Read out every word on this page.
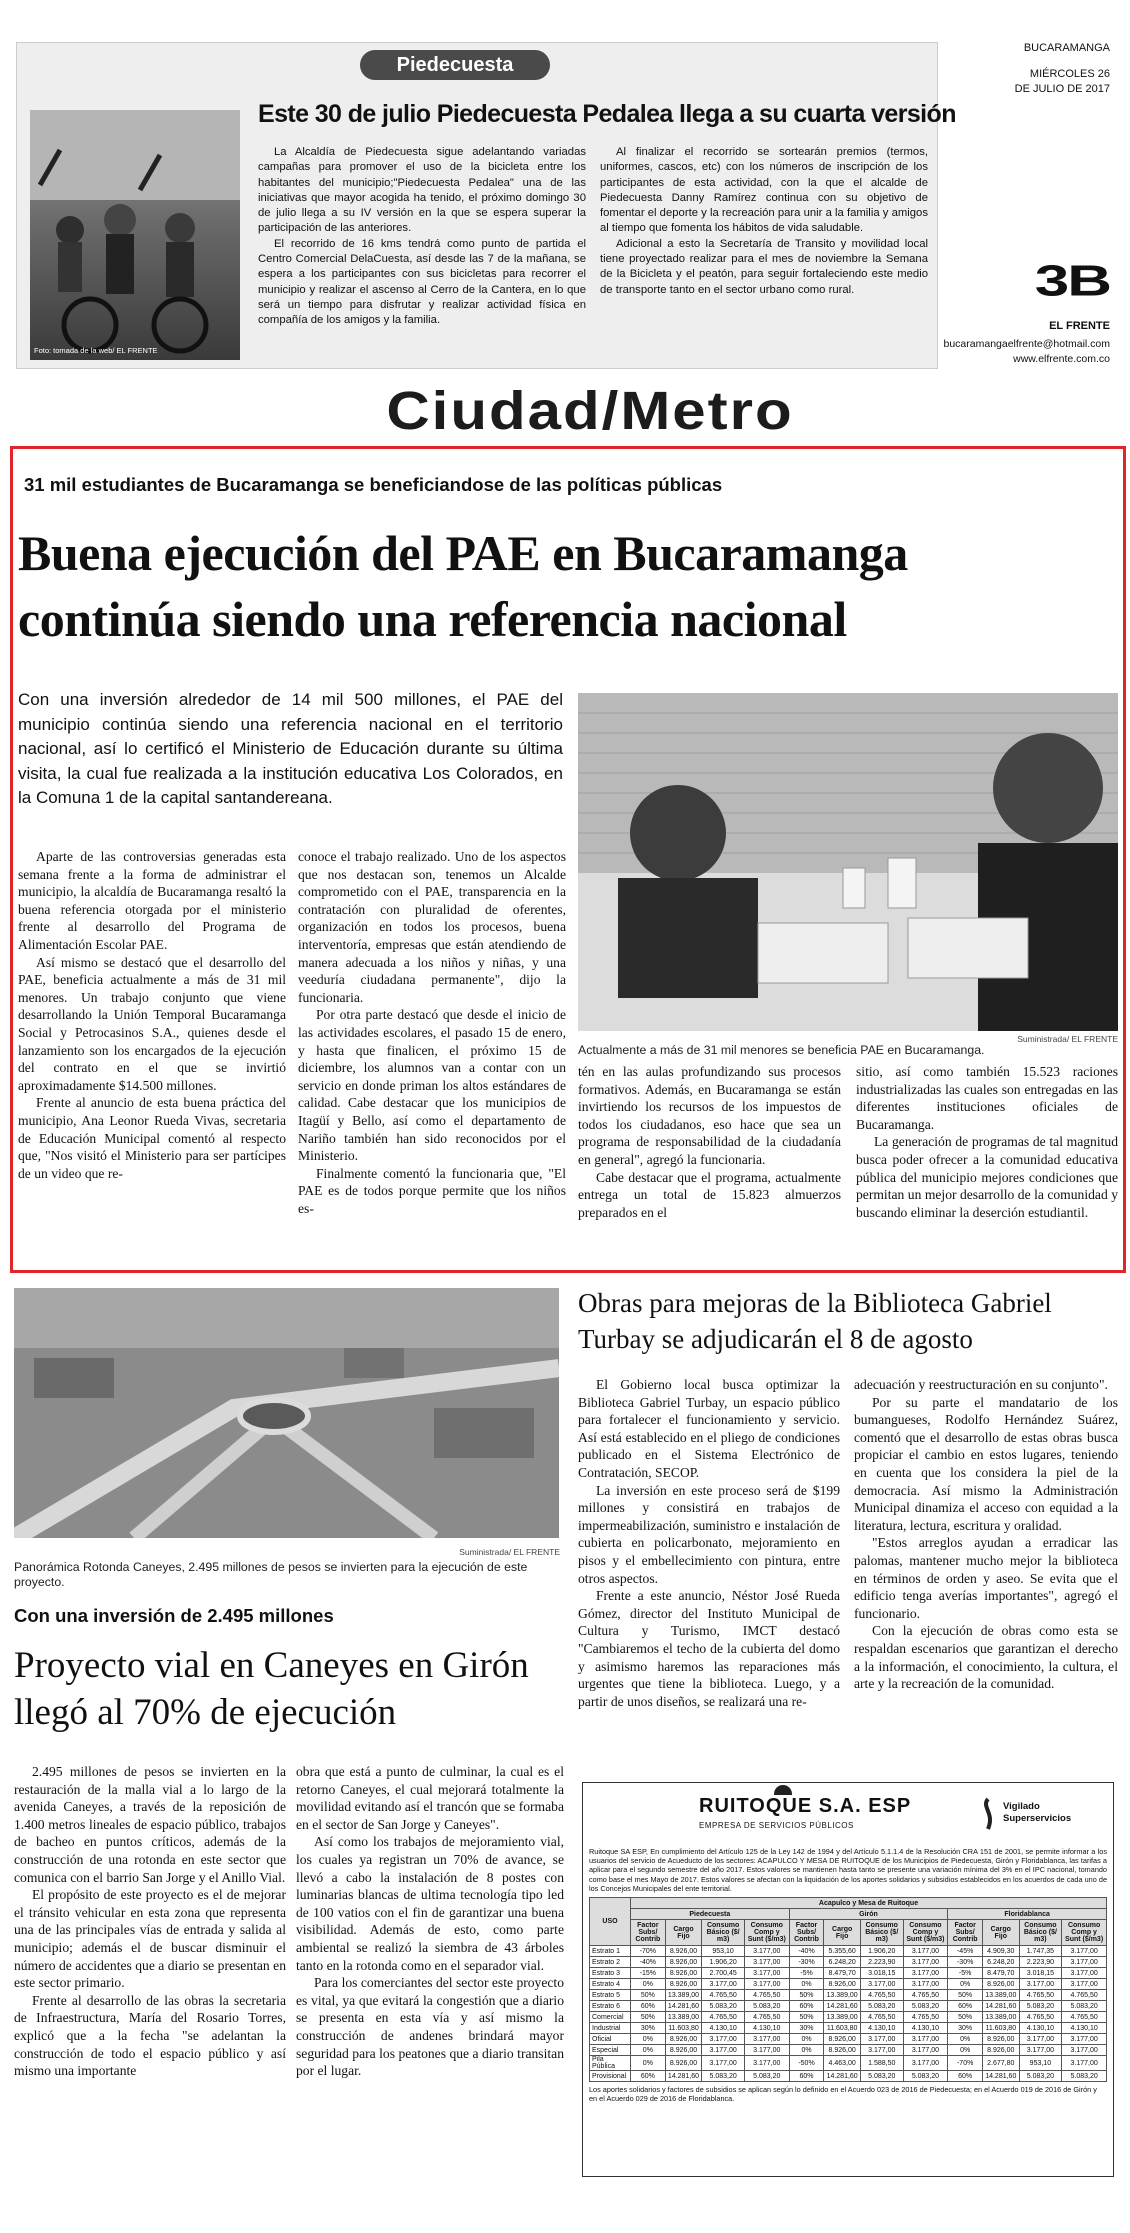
Piedecuesta
Foto: tomada de la web/ EL FRENTE
Este 30 de julio Piedecuesta Pedalea llega a su cuarta versión

La Alcaldía de Piedecuesta sigue adelantando variadas campañas para promover el uso de la bicicleta entre los habitantes del municipio;"Piedecuesta Pedalea" una de las iniciativas que mayor acogida ha tenido, el próximo domingo 30 de julio llega a su IV versión en la que se espera superar la participación de las anteriores.

El recorrido de 16 kms tendrá como punto de partida el Centro Comercial DelaCuesta, así desde las 7 de la mañana, se espera a los participantes con sus bicicletas para recorrer el municipio y realizar el ascenso al Cerro de la Cantera, en lo que será un tiempo para disfrutar y realizar actividad física en compañía de los amigos y la familia.

Al finalizar el recorrido se sortearán premios (termos, uniformes, cascos, etc) con los números de inscripción de los participantes de esta actividad, con la que el alcalde de Piedecuesta Danny Ramírez continua con su objetivo de fomentar el deporte y la recreación para unir a la familia y amigos al tiempo que fomenta los hábitos de vida saludable.

Adicional a esto la Secretaría de Transito y movilidad local tiene proyectado realizar para el mes de noviembre la Semana de la Bicicleta y el peatón, para seguir fortaleciendo este medio de transporte tanto en el sector urbano como rural.

BUCARAMANGA
MIÉRCOLES 26
DE JULIO DE 2017
3B
EL FRENTE
bucaramangaelfrente@hotmail.com
www.elfrente.com.co
Ciudad/Metro
31 mil estudiantes de Bucaramanga se beneficiandose de las políticas públicas
Buena ejecución del PAE en Bucaramanga
continúa siendo una referencia nacional
Con una inversión alrededor de 14 mil 500 millones, el PAE del municipio continúa siendo una referencia nacional en el territorio nacional, así lo certificó el Ministerio de Educación durante su última visita, la cual fue realizada a la institución educativa Los Colorados, en la Comuna 1 de la capital santandereana.
Suministrada/ EL FRENTE
Actualmente a más de 31 mil menores se beneficia PAE en Bucaramanga.

Aparte de las controversias generadas esta semana frente a la forma de administrar el municipio, la alcaldía de Bucaramanga resaltó la buena referencia otorgada por el ministerio frente al desarrollo del Programa de Alimentación Escolar PAE.

Así mismo se destacó que el desarrollo del PAE, beneficia actualmente a más de 31 mil menores. Un trabajo conjunto que viene desarrollando la Unión Temporal Bucaramanga Social y Petrocasinos S.A., quienes desde el lanzamiento son los encargados de la ejecución del contrato en el que se invirtió aproximadamente $14.500 millones.

Frente al anuncio de esta buena práctica del municipio, Ana Leonor Rueda Vivas, secretaria de Educación Municipal comentó al respecto que, "Nos visitó el Ministerio para ser partícipes de un video que re-

conoce el trabajo realizado. Uno de los aspectos que nos destacan son, tenemos un Alcalde comprometido con el PAE, transparencia en la contratación con pluralidad de oferentes, organización en todos los procesos, buena interventoría, empresas que están atendiendo de manera adecuada a los niños y niñas, y una veeduría ciudadana permanente", dijo la funcionaria.

Por otra parte destacó que desde el inicio de las actividades escolares, el pasado 15 de enero, y hasta que finalicen, el próximo 15 de diciembre, los alumnos van a contar con un servicio en donde priman los altos estándares de calidad. Cabe destacar que los municipios de Itagüí y Bello, así como el departamento de Nariño también han sido reconocidos por el Ministerio.

Finalmente comentó la funcionaria que, "El PAE es de todos porque permite que los niños es-

tén en las aulas profundizando sus procesos formativos. Además, en Bucaramanga se están invirtiendo los recursos de los impuestos de todos los ciudadanos, eso hace que sea un programa de responsabilidad de la ciudadanía en general", agregó la funcionaria.

Cabe destacar que el programa, actualmente entrega un total de 15.823 almuerzos preparados en el

sitio, así como también 15.523 raciones industrializadas las cuales son entregadas en las diferentes instituciones oficiales de Bucaramanga.

La generación de programas de tal magnitud busca poder ofrecer a la comunidad educativa pública del municipio mejores condiciones que permitan un mejor desarrollo de la comunidad y buscando eliminar la deserción estudiantil.

Suministrada/ EL FRENTE
Panorámica Rotonda Caneyes, 2.495 millones de pesos se invierten para la ejecución de este proyecto.
Con una inversión de 2.495 millones
Proyecto vial en Caneyes en Girón llegó al 70% de ejecución

2.495 millones de pesos se invierten en la restauración de la malla vial a lo largo de la avenida Caneyes, a través de la reposición de 1.400 metros lineales de espacio público, trabajos de bacheo en puntos críticos, además de la construcción de una rotonda en este sector que comunica con el barrio San Jorge y el Anillo Vial.

El propósito de este proyecto es el de mejorar el tránsito vehicular en esta zona que representa una de las principales vías de entrada y salida al municipio; además el de buscar disminuir el número de accidentes que a diario se presentan en este sector primario.

Frente al desarrollo de las obras la secretaria de Infraestructura, María del Rosario Torres, explicó que a la fecha "se adelantan la construcción de todo el espacio público y así mismo una importante

obra que está a punto de culminar, la cual es el retorno Caneyes, el cual mejorará totalmente la movilidad evitando así el trancón que se formaba en el sector de San Jorge y Caneyes".

Así como los trabajos de mejoramiento vial, los cuales ya registran un 70% de avance, se llevó a cabo la instalación de 8 postes con luminarias blancas de ultima tecnología tipo led de 100 vatios con el fin de garantizar una buena visibilidad. Además de esto, como parte ambiental se realizó la siembra de 43 árboles tanto en la rotonda como en el separador vial.

Para los comerciantes del sector este proyecto es vital, ya que evitará la congestión que a diario se presenta en esta vía y así mismo la construcción de andenes brindará mayor seguridad para los peatones que a diario transitan por el lugar.

Obras para mejoras de la Biblioteca Gabriel Turbay se adjudicarán el 8 de agosto

El Gobierno local busca optimizar la Biblioteca Gabriel Turbay, un espacio público para fortalecer el funcionamiento y servicio. Así está establecido en el pliego de condiciones publicado en el Sistema Electrónico de Contratación, SECOP.

La inversión en este proceso será de $199 millones y consistirá en trabajos de impermeabilización, suministro e instalación de cubierta en policarbonato, mejoramiento en pisos y el embellecimiento con pintura, entre otros aspectos.

Frente a este anuncio, Néstor José Rueda Gómez, director del Instituto Municipal de Cultura y Turismo, IMCT destacó "Cambiaremos el techo de la cubierta del domo y asimismo haremos las reparaciones más urgentes que tiene la biblioteca. Luego, y a partir de unos diseños, se realizará una re-

adecuación y reestructuración en su conjunto".

Por su parte el mandatario de los bumangueses, Rodolfo Hernández Suárez, comentó que el desarrollo de estas obras busca propiciar el cambio en estos lugares, teniendo en cuenta que los considera la piel de la democracia. Así mismo la Administración Municipal dinamiza el acceso con equidad a la literatura, lectura, escritura y oralidad.

"Estos arreglos ayudan a erradicar las palomas, mantener mucho mejor la biblioteca en términos de orden y aseo. Se evita que el edificio tenga averías importantes", agregó el funcionario.

Con la ejecución de obras como esta se respaldan escenarios que garantizan el derecho a la información, el conocimiento, la cultura, el arte y la recreación de la comunidad.

RUITOQUE S.A. ESP
EMPRESA DE SERVICIOS PÚBLICOS
Vigilado
Superservicios
Ruitoque SA ESP, En cumplimiento del Artículo 125 de la Ley 142 de 1994 y del Artículo 5.1.1.4 de la Resolución CRA 151 de 2001, se permite informar a los usuarios del servicio de Acueducto de los sectores: ACAPULCO Y MESA DE RUITOQUE de los Municipios de Piedecuesta, Girón y Floridablanca, las tarifas a aplicar para el segundo semestre del año 2017. Estos valores se mantienen hasta tanto se presente una variación mínima del 3% en el IPC nacional, tomando como base el mes Mayo de 2017. Estos valores se afectan con la liquidación de los aportes solidarios y subsidios establecidos en los acuerdos de cada uno de los Concejos Municipales del ente territorial.
USO	Acapulco y Mesa de Ruitoque											
	Piedecuesta				Girón				Floridablanca			
	Factor Subs/ Contrib	Cargo Fijo	Consumo Básico ($/ m3)	Consumo Comp y Sunt ($/m3)	Factor Subs/ Contrib	Cargo Fijo	Consumo Básico ($/ m3)	Consumo Comp y Sunt ($/m3)	Factor Subs/ Contrib	Cargo Fijo	Consumo Básico ($/ m3)	Consumo Comp y Sunt ($/m3)
Estrato 1	-70%	8.926,00	953,10	3.177,00	-40%	5.355,60	1.906,20	3.177,00	-45%	4.909,30	1.747,35	3.177,00
Estrato 2	-40%	8.926,00	1.906,20	3.177,00	-30%	6.248,20	2.223,90	3.177,00	-30%	6.248,20	2.223,90	3.177,00
Estrato 3	-15%	8.926,00	2.700,45	3.177,00	-5%	8.479,70	3.018,15	3.177,00	-5%	8.479,70	3.018,15	3.177,00
Estrato 4	0%	8.926,00	3.177,00	3.177,00	0%	8.926,00	3.177,00	3.177,00	0%	8.926,00	3.177,00	3.177,00
Estrato 5	50%	13.389,00	4.765,50	4.765,50	50%	13.389,00	4.765,50	4.765,50	50%	13.389,00	4.765,50	4.765,50
Estrato 6	60%	14.281,60	5.083,20	5.083,20	60%	14.281,60	5.083,20	5.083,20	60%	14.281,60	5.083,20	5.083,20
Comercial	50%	13.389,00	4.765,50	4.765,50	50%	13.389,00	4.765,50	4.765,50	50%	13.389,00	4.765,50	4.765,50
Industrial	30%	11.603,80	4.130,10	4.130,10	30%	11.603,80	4.130,10	4.130,10	30%	11.603,80	4.130,10	4.130,10
Oficial	0%	8.926,00	3.177,00	3.177,00	0%	8.926,00	3.177,00	3.177,00	0%	8.926,00	3.177,00	3.177,00
Especial	0%	8.926,00	3.177,00	3.177,00	0%	8.926,00	3.177,00	3.177,00	0%	8.926,00	3.177,00	3.177,00
Pila Pública	0%	8.926,00	3.177,00	3.177,00	-50%	4.463,00	1.588,50	3.177,00	-70%	2.677,80	953,10	3.177,00
Provisional	60%	14.281,60	5.083,20	5.083,20	60%	14.281,60	5.083,20	5.083,20	60%	14.281,60	5.083,20	5.083,20
Los aportes solidarios y factores de subsidios se aplican según lo definido en el Acuerdo 023 de 2016 de Piedecuesta; en el Acuerdo 019 de 2016 de Girón y en el Acuerdo 029 de 2016 de Floridablanca.
